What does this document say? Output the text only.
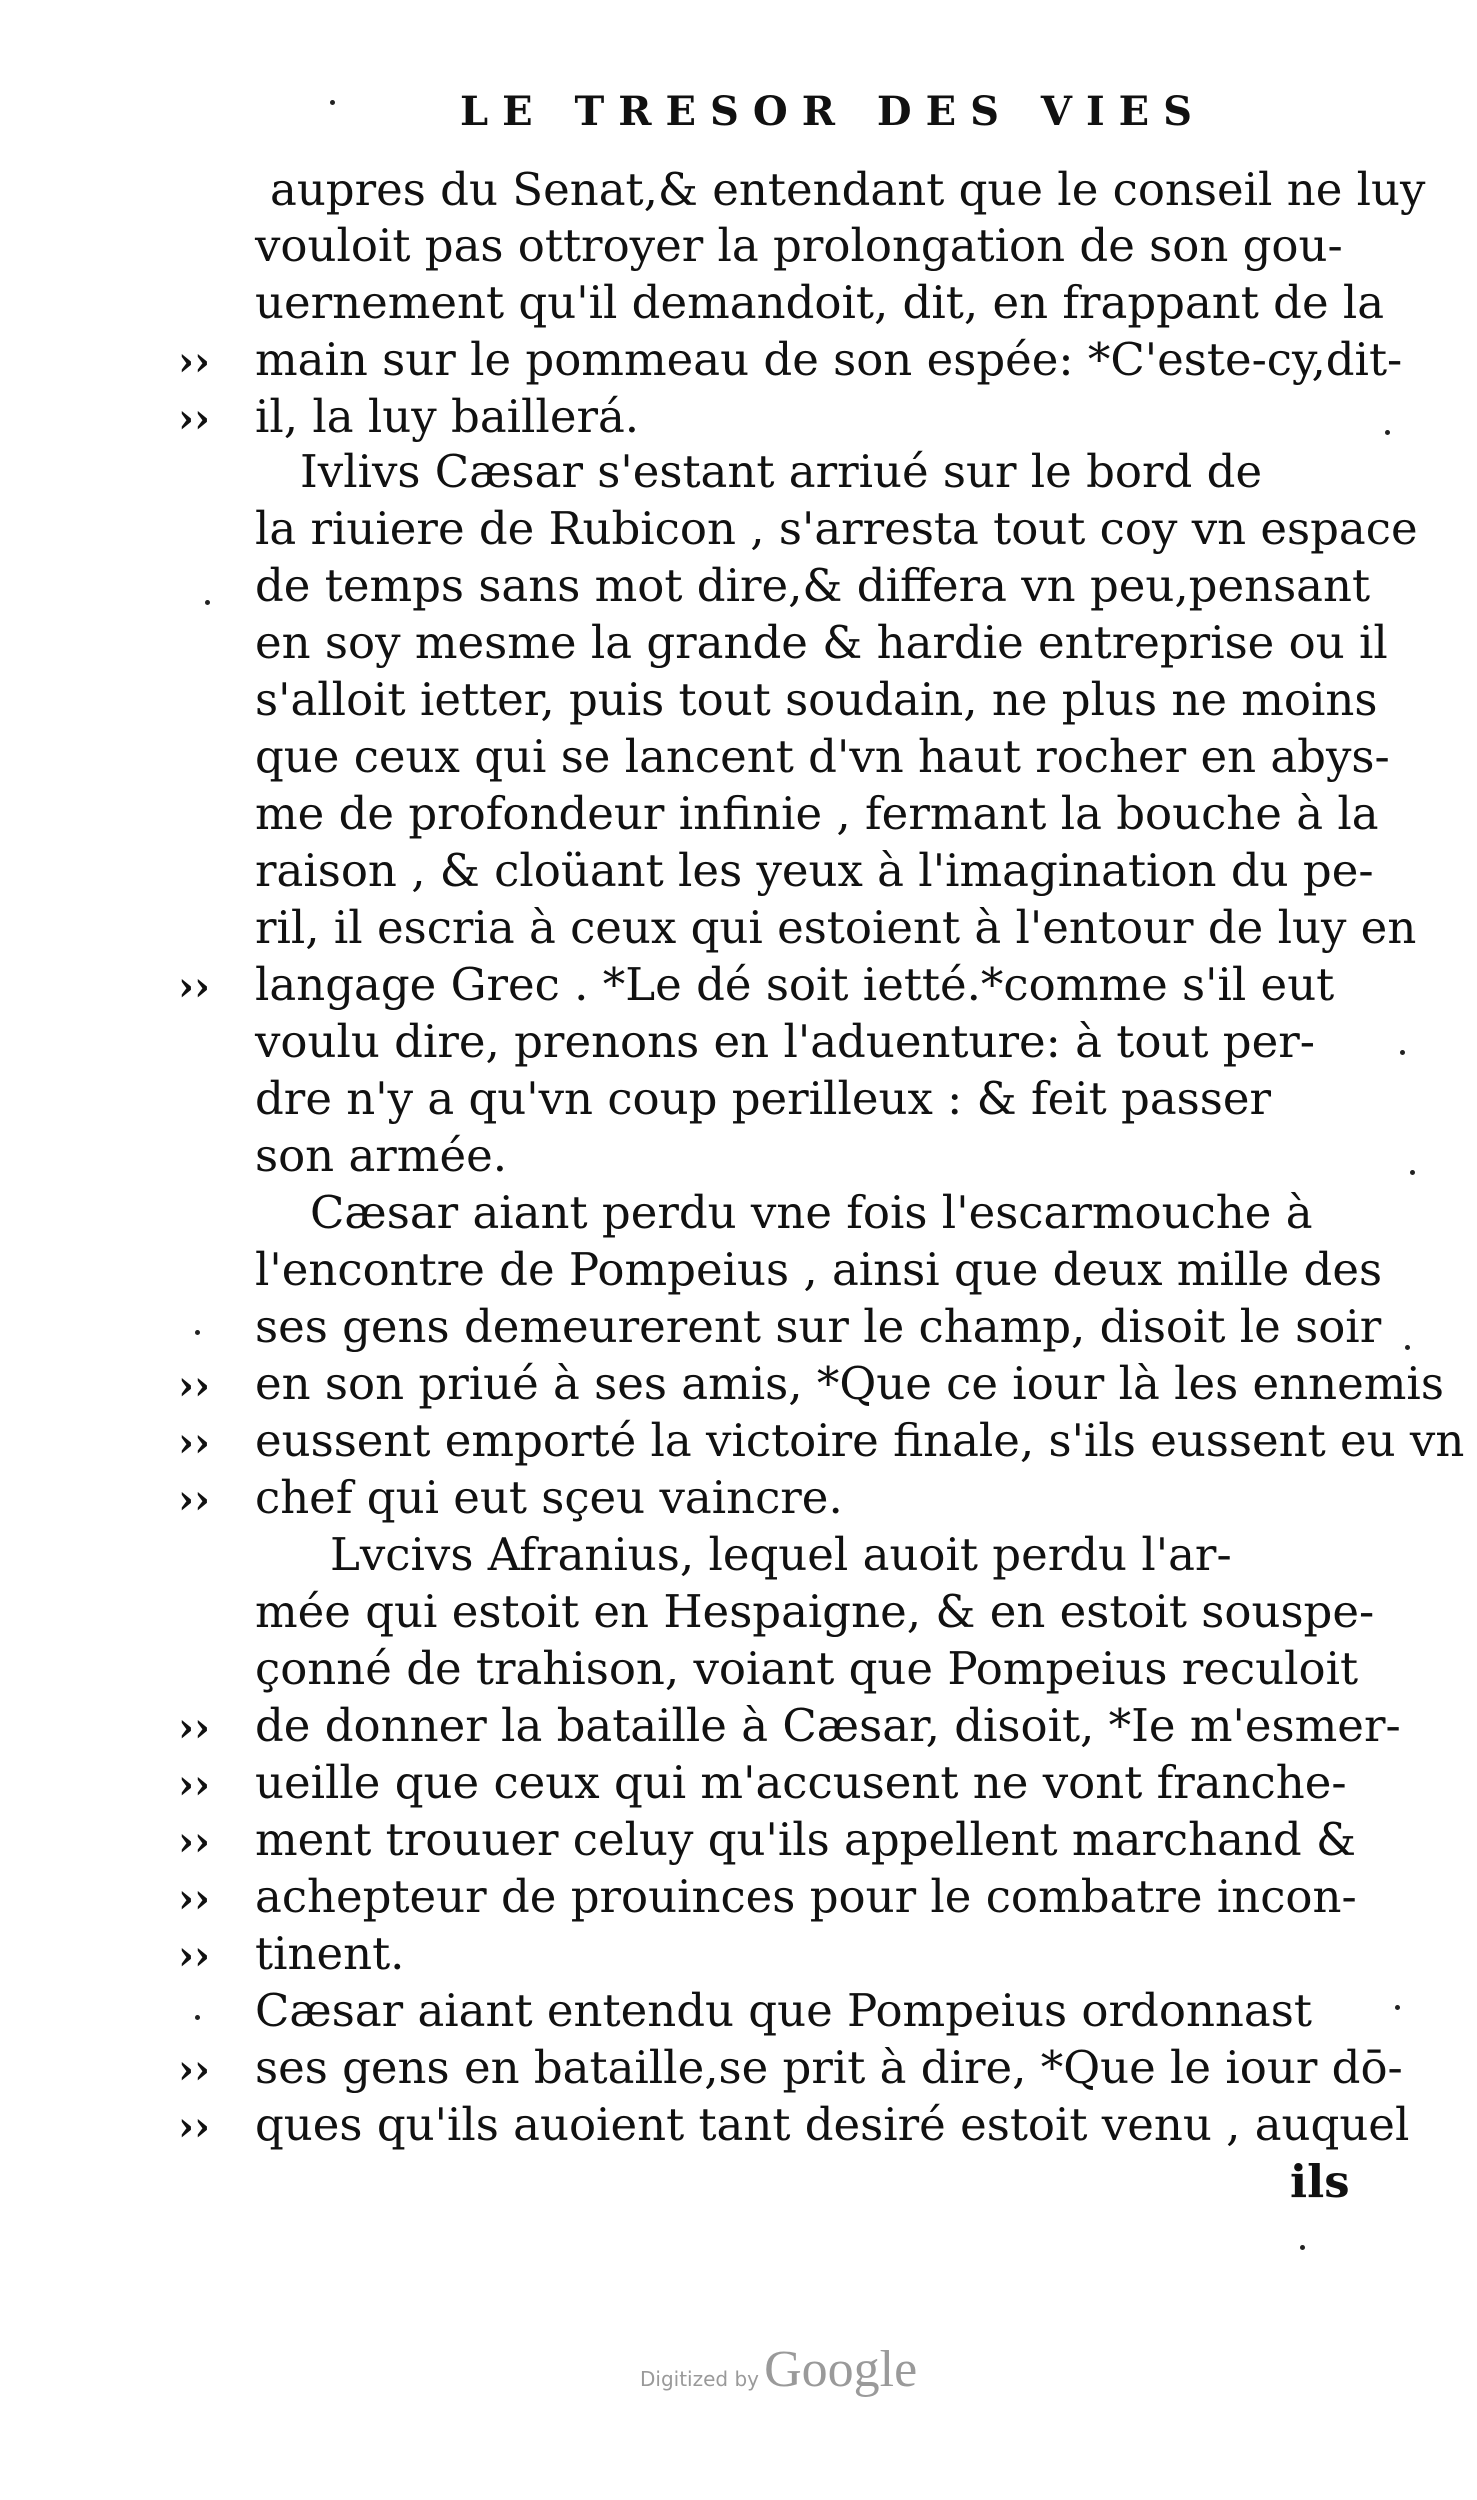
LE TRESOR DES VIES
aupres du Senat,& entendant que le conseil ne luy
vouloit pas ottroyer la prolongation de son gou-
uernement qu'il demandoit, dit, en frappant de la
main sur le pommeau de son espée: *C'este-cy,dit-
il, la luy baillerá.
Ivlivs Cæsar s'estant arriué sur le bord de
la riuiere de Rubicon , s'arresta tout coy vn espace
de temps sans mot dire,& differa vn peu,pensant
en soy mesme la grande & hardie entreprise ou il
s'alloit ietter, puis tout soudain, ne plus ne moins
que ceux qui se lancent d'vn haut rocher en abys-
me de profondeur infinie , fermant la bouche à la
raison , & cloüant les yeux à l'imagination du pe-
ril, il escria à ceux qui estoient à l'entour de luy en
langage Grec . *Le dé soit ietté.*comme s'il eut
voulu dire, prenons en l'aduenture: à tout per-
dre n'y a qu'vn coup perilleux : & feit passer
son armée.
Cæsar aiant perdu vne fois l'escarmouche à
l'encontre de Pompeius , ainsi que deux mille des
ses gens demeurerent sur le champ, disoit le soir
en son priué à ses amis, *Que ce iour là les ennemis
eussent emporté la victoire finale, s'ils eussent eu vn
chef qui eut sçeu vaincre.
Lvcivs Afranius, lequel auoit perdu l'ar-
mée qui estoit en Hespaigne, & en estoit souspe-
çonné de trahison, voiant que Pompeius reculoit
de donner la bataille à Cæsar, disoit, *Ie m'esmer-
ueille que ceux qui m'accusent ne vont franche-
ment trouuer celuy qu'ils appellent marchand &
achepteur de prouinces pour le combatre incon-
tinent.
Cæsar aiant entendu que Pompeius ordonnast
ses gens en bataille,se prit à dire, *Que le iour dō-
ques qu'ils auoient tant desiré estoit venu , auquel
ils
››
››
››
››
››
››
››
››
››
››
››
››
››
Digitized by Google
